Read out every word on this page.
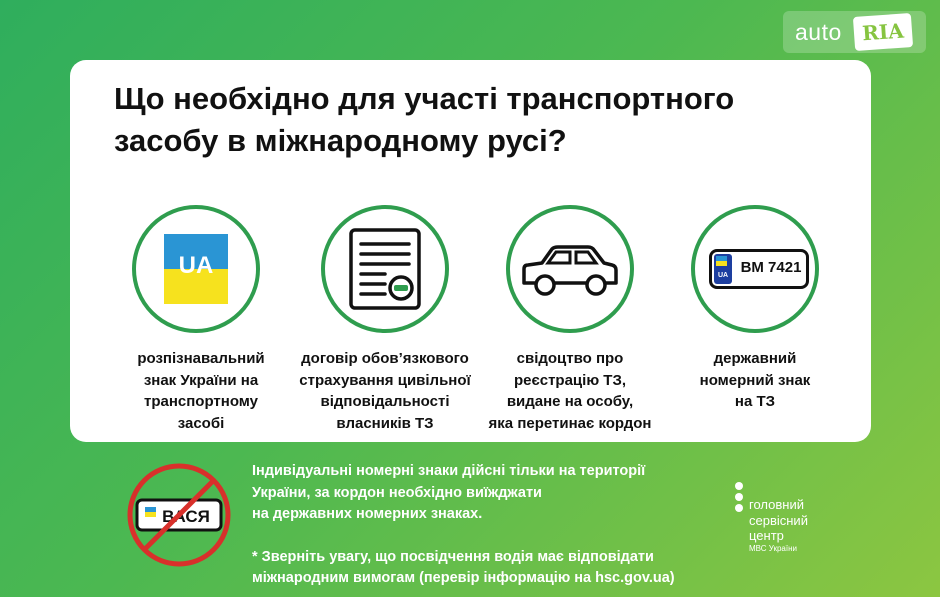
auto RIA
Що необхідно для участі транспортного
засобу в міжнародному русі?
UA
розпізнавальний
знак України на
транспортному
засобі
договір обов’язкового
страхування цивільної
відповідальності
власників ТЗ
свідоцтво про
реєстрацію ТЗ,
видане на особу,
яка перетинає кордон
UA ВМ 7421
державний
номерний знак
на ТЗ
ВАСЯ

Індивідуальні номерні знаки дійсні тільки на території

України, за кордон необхідно виїжджати

на державних номерних знаках.

* Зверніть увагу, що посвідчення водія має відповідати

міжнародним вимогам (перевір інформацію на hsc.gov.ua)

головний
сервісний
центр
МВС України
